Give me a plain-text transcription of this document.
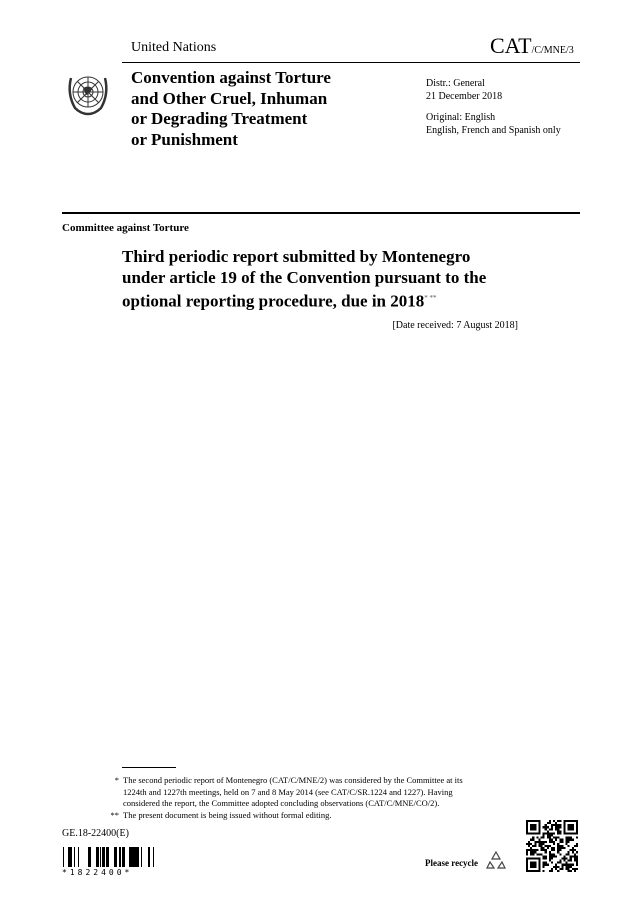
United Nations	CAT/C/MNE/3
Convention against Torture
and Other Cruel, Inhuman
or Degrading Treatment
or Punishment
Distr.: General
21 December 2018
Original: English
English, French and Spanish only
Committee against Torture
Third periodic report submitted by Montenegro
under article 19 of the Convention pursuant to the
optional reporting procedure, due in 2018* **
[Date received: 7 August 2018]
* The second periodic report of Montenegro (CAT/C/MNE/2) was considered by the Committee at its
1224th and 1227th meetings, held on 7 and 8 May 2014 (see CAT/C/SR.1224 and 1227). Having
considered the report, the Committee adopted concluding observations (CAT/C/MNE/CO/2).
** The present document is being issued without formal editing.
GE.18-22400(E)
*1822400*
Please recycle
